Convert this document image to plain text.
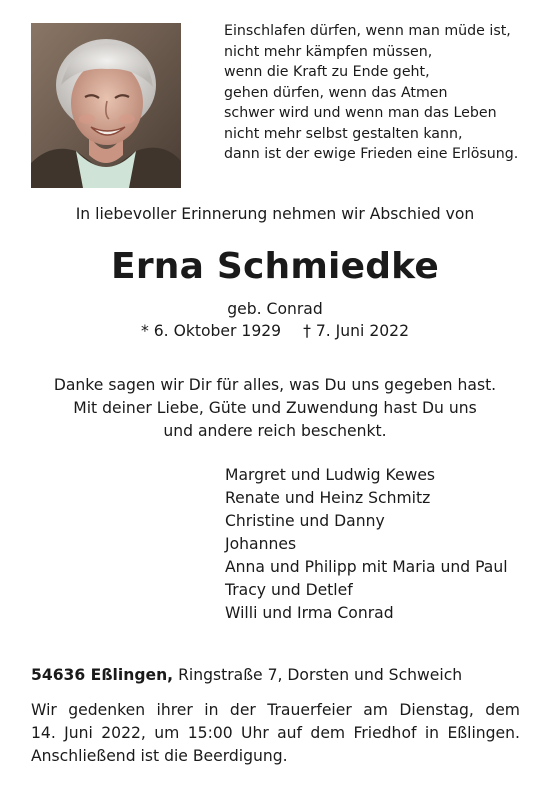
Einschlafen dürfen, wenn man müde ist,
nicht mehr kämpfen müssen,
wenn die Kraft zu Ende geht,
gehen dürfen, wenn das Atmen
schwer wird und wenn man das Leben
nicht mehr selbst gestalten kann,
dann ist der ewige Frieden eine Erlösung.
In liebevoller Erinnerung nehmen wir Abschied von
Erna Schmiedke
geb. Conrad
* 6. Oktober 1929 † 7. Juni 2022
Danke sagen wir Dir für alles, was Du uns gegeben hast.
Mit deiner Liebe, Güte und Zuwendung hast Du uns
und andere reich beschenkt.
Margret und Ludwig Kewes
Renate und Heinz Schmitz
Christine und Danny
Johannes
Anna und Philipp mit Maria und Paul
Tracy und Detlef
Willi und Irma Conrad
54636 Eßlingen, Ringstraße 7, Dorsten und Schweich
Wir gedenken ihrer in der Trauerfeier am Dienstag, dem
14. Juni 2022, um 15:00 Uhr auf dem Friedhof in Eßlingen.
Anschließend ist die Beerdigung.
